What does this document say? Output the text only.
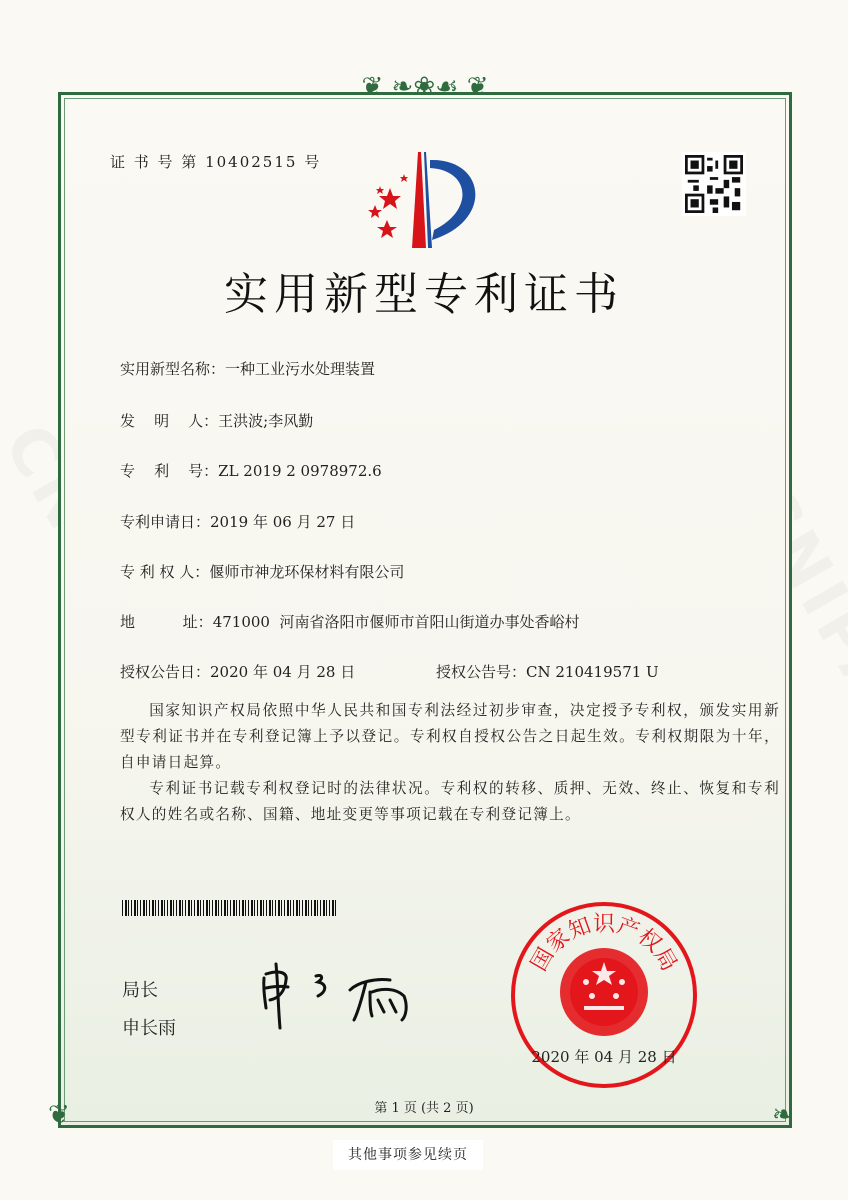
❦ ❧❀☙ ❦
❦	❧
证 书 号 第 10402515 号
实用新型专利证书
实用新型名称：一种工业污水处理装置
发    明    人：王洪波;李风勤
专    利    号：ZL 2019 2 0978972.6
专利申请日：2019 年 06 月 27 日
专 利 权 人：偃师市神龙环保材料有限公司
地          址：471000  河南省洛阳市偃师市首阳山街道办事处香峪村
授权公告日：2020 年 04 月 28 日	授权公告号：CN 210419571 U

国家知识产权局依照中华人民共和国专利法经过初步审查，决定授予专利权，颁发实用新型专利证书并在专利登记簿上予以登记。专利权自授权公告之日起生效。专利权期限为十年，自申请日起算。

专利证书记载专利权登记时的法律状况。专利权的转移、质押、无效、终止、恢复和专利权人的姓名或名称、国籍、地址变更等事项记载在专利登记簿上。

局长
申长雨
2020 年 04 月 28 日
国
家
知
识
产
权
局
第 1 页 (共 2 页)
其他事项参见续页
